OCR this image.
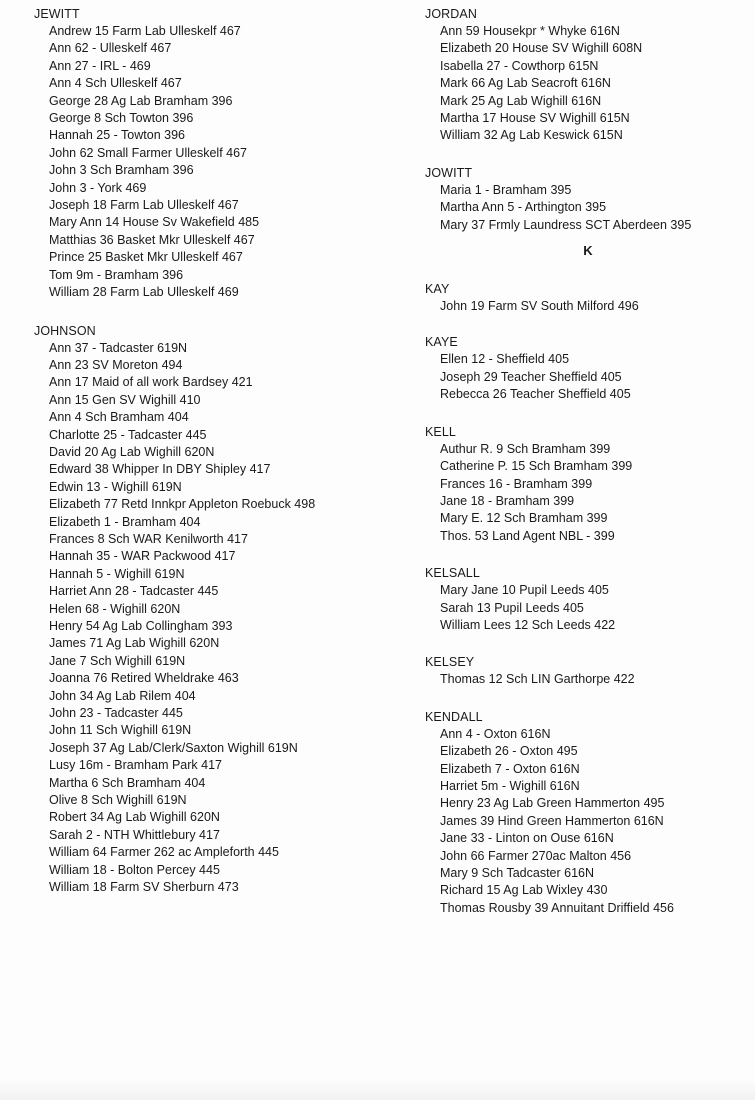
JEWITT
Andrew 15 Farm Lab Ulleskelf 467
Ann 62 - Ulleskelf 467
Ann 27 - IRL - 469
Ann 4 Sch Ulleskelf 467
George 28 Ag Lab Bramham 396
George 8 Sch Towton 396
Hannah 25 - Towton 396
John 62 Small Farmer Ulleskelf 467
John 3 Sch Bramham 396
John 3 - York 469
Joseph 18 Farm Lab Ulleskelf 467
Mary Ann 14 House Sv Wakefield 485
Matthias 36 Basket Mkr Ulleskelf 467
Prince 25 Basket Mkr Ulleskelf 467
Tom 9m - Bramham 396
William 28 Farm Lab Ulleskelf 469
JOHNSON
Ann 37 - Tadcaster 619N
Ann 23 SV Moreton 494
Ann 17 Maid of all work Bardsey 421
Ann 15 Gen SV Wighill 410
Ann 4 Sch Bramham 404
Charlotte 25 - Tadcaster 445
David 20 Ag Lab Wighill 620N
Edward 38 Whipper In DBY Shipley 417
Edwin 13 - Wighill 619N
Elizabeth 77 Retd Innkpr Appleton Roebuck 498
Elizabeth 1 - Bramham 404
Frances 8 Sch WAR Kenilworth 417
Hannah 35 - WAR Packwood 417
Hannah 5 - Wighill 619N
Harriet Ann 28 - Tadcaster 445
Helen 68 - Wighill 620N
Henry 54 Ag Lab Collingham 393
James 71 Ag Lab Wighill 620N
Jane 7 Sch Wighill 619N
Joanna 76 Retired Wheldrake 463
John 34 Ag Lab Rilem 404
John 23 - Tadcaster 445
John 11 Sch Wighill 619N
Joseph 37 Ag Lab/Clerk/Saxton Wighill 619N
Lusy 16m - Bramham Park 417
Martha 6 Sch Bramham 404
Olive 8 Sch Wighill 619N
Robert 34 Ag Lab Wighill 620N
Sarah 2 - NTH Whittlebury 417
William 64 Farmer 262 ac Ampleforth 445
William 18 - Bolton Percey 445
William 18 Farm SV Sherburn 473
JORDAN
Ann 59 Housekpr * Whyke 616N
Elizabeth 20 House SV Wighill 608N
Isabella 27 - Cowthorp 615N
Mark 66 Ag Lab Seacroft 616N
Mark 25 Ag Lab Wighill 616N
Martha 17 House SV Wighill 615N
William 32 Ag Lab Keswick 615N
JOWITT
Maria 1 - Bramham 395
Martha Ann 5 - Arthington 395
Mary 37 Frmly Laundress SCT Aberdeen 395
K
KAY
John 19 Farm SV South Milford 496
KAYE
Ellen 12 - Sheffield 405
Joseph 29 Teacher Sheffield 405
Rebecca 26 Teacher Sheffield 405
KELL
Authur R. 9 Sch Bramham 399
Catherine P. 15 Sch Bramham 399
Frances 16 - Bramham 399
Jane 18 - Bramham 399
Mary E. 12 Sch Bramham 399
Thos. 53 Land Agent NBL - 399
KELSALL
Mary Jane 10 Pupil Leeds 405
Sarah 13 Pupil Leeds 405
William Lees 12 Sch Leeds 422
KELSEY
Thomas 12 Sch LIN Garthorpe 422
KENDALL
Ann 4 - Oxton 616N
Elizabeth 26 - Oxton 495
Elizabeth 7 - Oxton 616N
Harriet 5m - Wighill 616N
Henry 23 Ag Lab Green Hammerton 495
James 39 Hind Green Hammerton 616N
Jane 33 - Linton on Ouse 616N
John 66 Farmer 270ac Malton 456
Mary 9 Sch Tadcaster 616N
Richard 15 Ag Lab Wixley 430
Thomas Rousby 39 Annuitant Driffield 456
